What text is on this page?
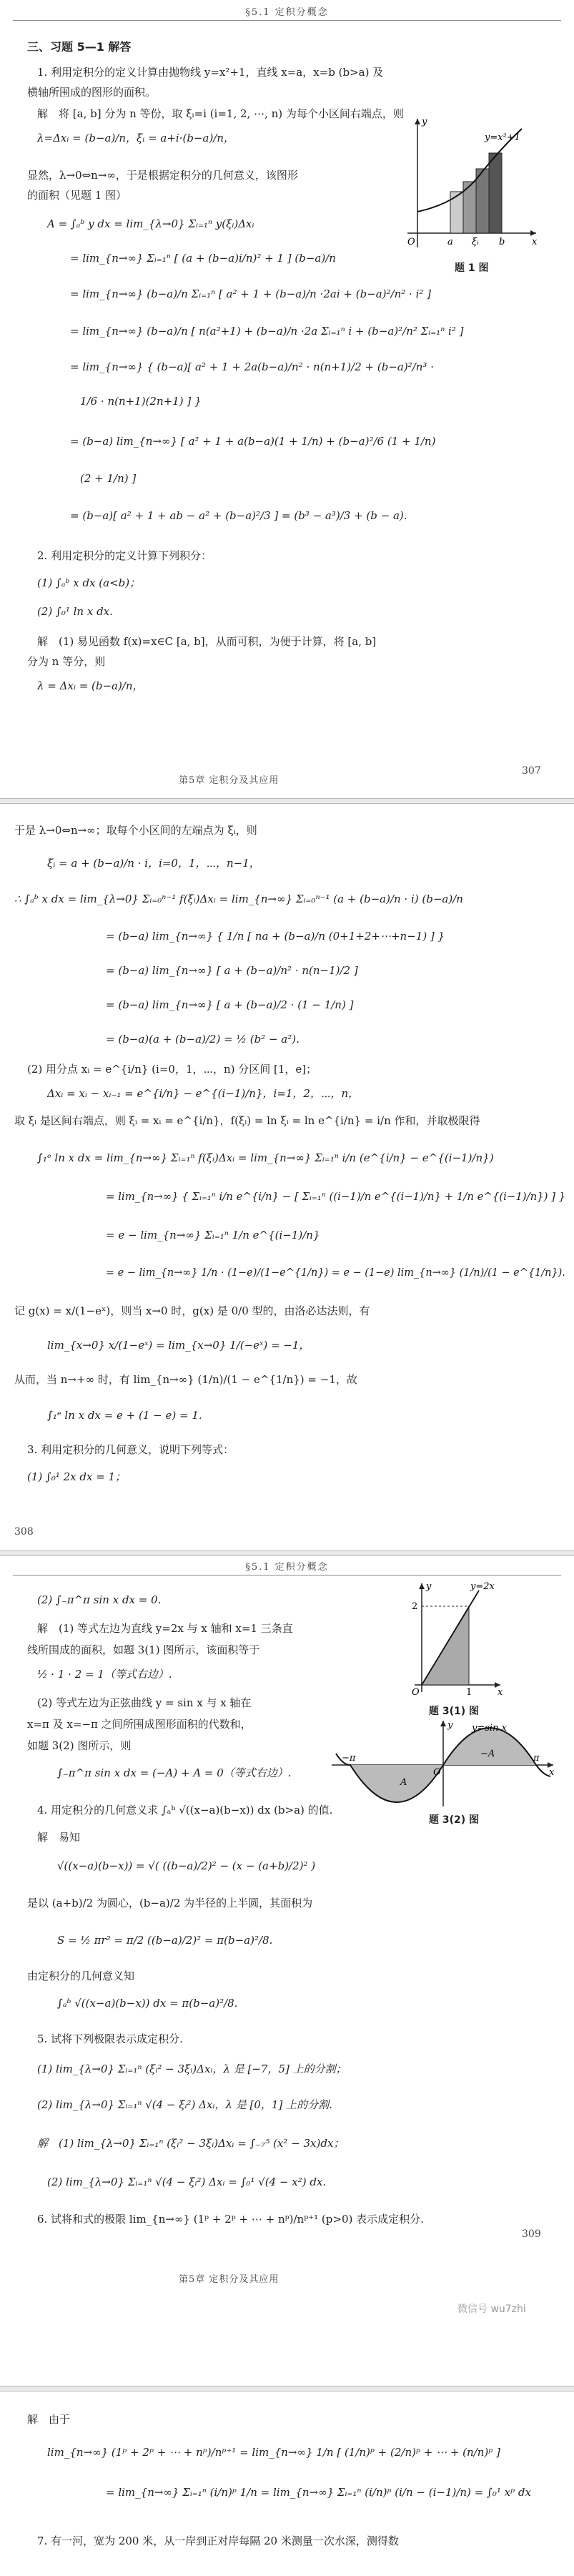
§5.1 定积分概念
三、习题 5—1 解答
1. 利用定积分的定义计算由抛物线 y=x²+1，直线 x=a，x=b (b>a) 及
横轴所围成的图形的面积。
解　将 [a, b] 分为 n 等份，取 ξᵢ=i (i=1, 2, ⋯, n) 为每个小区间右端点，则
λ=Δxᵢ = (b−a)/n，ξᵢ = a+i·(b−a)/n，
显然，λ→0⇔n→∞，于是根据定积分的几何意义，该图形
的面积（见题 1 图）
A = ∫ₐᵇ y dx = lim_{λ→0} Σᵢ₌₁ⁿ y(ξᵢ)Δxᵢ
= lim_{n→∞} Σᵢ₌₁ⁿ [ (a + (b−a)i/n)² + 1 ] (b−a)/n
= lim_{n→∞} (b−a)/n Σᵢ₌₁ⁿ [ a² + 1 + (b−a)/n ·2ai + (b−a)²/n² · i² ]
= lim_{n→∞} (b−a)/n [ n(a²+1) + (b−a)/n ·2a Σᵢ₌₁ⁿ i + (b−a)²/n² Σᵢ₌₁ⁿ i² ]
= lim_{n→∞} { (b−a)[ a² + 1 + 2a(b−a)/n² · n(n+1)/2 + (b−a)²/n³ ·
1/6 · n(n+1)(2n+1) ] }
= (b−a) lim_{n→∞} [ a² + 1 + a(b−a)(1 + 1/n) + (b−a)²/6 (1 + 1/n)
(2 + 1/n) ]
= (b−a)[ a² + 1 + ab − a² + (b−a)²/3 ] = (b³ − a³)/3 + (b − a).
2. 利用定积分的定义计算下列积分：
(1) ∫ₐᵇ x dx (a<b)；
(2) ∫₀¹ ln x dx.
解　(1) 易见函数 f(x)=x∈C [a, b]，从而可积，为便于计算，将 [a, b]
分为 n 等分，则
λ = Δxᵢ = (b−a)/n，
y=x²+1
O	a ξᵢ b	x
y
题 1 图
第5章 定积分及其应用
307
于是 λ→0⇔n→∞；取每个小区间的左端点为 ξᵢ，则
ξᵢ = a + (b−a)/n · i，i=0，1，⋯，n−1，
∴ ∫ₐᵇ x dx = lim_{λ→0} Σᵢ₌₀ⁿ⁻¹ f(ξᵢ)Δxᵢ = lim_{n→∞} Σᵢ₌₀ⁿ⁻¹ (a + (b−a)/n · i) (b−a)/n
= (b−a) lim_{n→∞} { 1/n [ na + (b−a)/n (0+1+2+⋯+n−1) ] }
= (b−a) lim_{n→∞} [ a + (b−a)/n² · n(n−1)/2 ]
= (b−a) lim_{n→∞} [ a + (b−a)/2 · (1 − 1/n) ]
= (b−a)(a + (b−a)/2) = ½ (b² − a²).
(2) 用分点 xᵢ = e^{i/n} (i=0，1，⋯，n) 分区间 [1，e]；
Δxᵢ = xᵢ − xᵢ₋₁ = e^{i/n} − e^{(i−1)/n}，i=1，2，⋯，n，
取 ξᵢ 是区间右端点，则 ξᵢ = xᵢ = e^{i/n}，f(ξᵢ) = ln ξᵢ = ln e^{i/n} = i/n 作和，并取极限得
∫₁ᵉ ln x dx = lim_{n→∞} Σᵢ₌₁ⁿ f(ξᵢ)Δxᵢ = lim_{n→∞} Σᵢ₌₁ⁿ i/n (e^{i/n} − e^{(i−1)/n})
= lim_{n→∞} { Σᵢ₌₁ⁿ i/n e^{i/n} − [ Σᵢ₌₁ⁿ ((i−1)/n e^{(i−1)/n} + 1/n e^{(i−1)/n}) ] }
= e − lim_{n→∞} Σᵢ₌₁ⁿ 1/n e^{(i−1)/n}
= e − lim_{n→∞} 1/n · (1−e)/(1−e^{1/n}) = e − (1−e) lim_{n→∞} (1/n)/(1 − e^{1/n}).
记 g(x) = x/(1−eˣ)，则当 x→0 时，g(x) 是 0/0 型的，由洛必达法则，有
lim_{x→0} x/(1−eˣ) = lim_{x→0} 1/(−eˣ) = −1，
从而，当 n→+∞ 时，有 lim_{n→∞} (1/n)/(1 − e^{1/n}) = −1，故
∫₁ᵉ ln x dx = e + (1 − e) = 1.
3. 利用定积分的几何意义，说明下列等式：
(1) ∫₀¹ 2x dx = 1；
308
§5.1 定积分概念
(2) ∫₋π^π sin x dx = 0.
解　(1) 等式左边为直线 y=2x 与 x 轴和 x=1 三条直
线所围成的面积，如题 3(1) 图所示，该面积等于
½ · 1 · 2 = 1（等式右边）.
(2) 等式左边为正弦曲线 y = sin x 与 x 轴在
x=π 及 x=−π 之间所围成图形面积的代数和，
如题 3(2) 图所示，则
∫₋π^π sin x dx = (−A) + A = 0（等式右边）.
4. 用定积分的几何意义求 ∫ₐᵇ √((x−a)(b−x)) dx (b>a) 的值.
解　易知
√((x−a)(b−x)) = √( ((b−a)/2)² − (x − (a+b)/2)² )
是以 (a+b)/2 为圆心，(b−a)/2 为半径的上半圆，其面积为
S = ½ πr² = π/2 ((b−a)/2)² = π(b−a)²/8.
由定积分的几何意义知
∫ₐᵇ √((x−a)(b−x)) dx = π(b−a)²/8.
5. 试将下列极限表示成定积分.
(1) lim_{λ→0} Σᵢ₌₁ⁿ (ξᵢ² − 3ξᵢ)Δxᵢ，λ 是 [−7，5] 上的分割；
(2) lim_{λ→0} Σᵢ₌₁ⁿ √(4 − ξᵢ²) Δxᵢ，λ 是 [0，1] 上的分割.
解　(1) lim_{λ→0} Σᵢ₌₁ⁿ (ξᵢ² − 3ξᵢ)Δxᵢ = ∫₋₇⁵ (x² − 3x)dx；
(2) lim_{λ→0} Σᵢ₌₁ⁿ √(4 − ξᵢ²) Δxᵢ = ∫₀¹ √(4 − x²) dx.
6. 试将和式的极限 lim_{n→∞} (1ᵖ + 2ᵖ + ⋯ + nᵖ)/nᵖ⁺¹ (p>0) 表示成定积分.
y	y=2x
2
O	1	x
题 3(1) 图
y y=sin x
−π	π
A
−A
O	x
题 3(2) 图
微信号 wu7zhi
第5章 定积分及其应用
309
解　由于
lim_{n→∞} (1ᵖ + 2ᵖ + ⋯ + nᵖ)/nᵖ⁺¹ = lim_{n→∞} 1/n [ (1/n)ᵖ + (2/n)ᵖ + ⋯ + (n/n)ᵖ ]
= lim_{n→∞} Σᵢ₌₁ⁿ (i/n)ᵖ 1/n = lim_{n→∞} Σᵢ₌₁ⁿ (i/n)ᵖ (i/n − (i−1)/n) = ∫₀¹ xᵖ dx
7. 有一河，宽为 200 米，从一岸到正对岸每隔 20 米测量一次水深，测得数
